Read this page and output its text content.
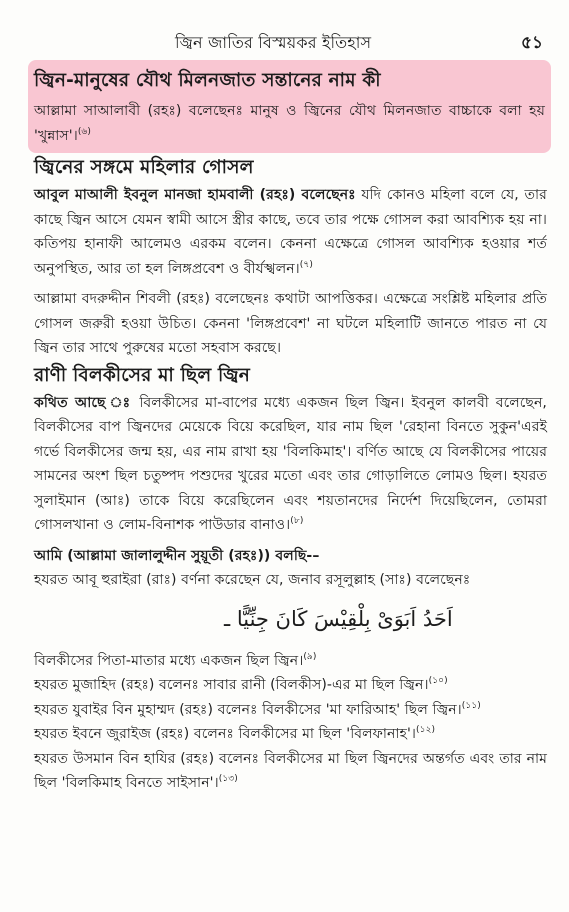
জ্বিন জাতির বিস্ময়কর ইতিহাস	৫১
জ্বিন-মানুষের যৌথ মিলনজাত সন্তানের নাম কী

আল্লামা সাআলাবী (রহঃ) বলেছেনঃ মানুষ ও জ্বিনের যৌথ মিলনজাত বাচ্চাকে বলা হয় 'খুন্নাস'।$^{(৬)}$

জ্বিনের সঙ্গমে মহিলার গোসল

আবুল মাআলী ইবনুল মানজা হামবালী (রহঃ) বলেছেনঃ যদি কোনও মহিলা বলে যে, তার কাছে জ্বিন আসে যেমন স্বামী আসে স্ত্রীর কাছে, তবে তার পক্ষে গোসল করা আবশ্যিক হয় না। কতিপয় হানাফী আলেমও এরকম বলেন। কেননা এক্ষেত্রে গোসল আবশ্যিক হওয়ার শর্ত অনুপস্থিত, আর তা হল লিঙ্গপ্রবেশ ও বীর্যস্খলন।$^{(৭)}$

আল্লামা বদরুদ্দীন শিবলী (রহঃ) বলেছেনঃ কথাটা আপত্তিকর। এক্ষেত্রে সংশ্লিষ্ট মহিলার প্রতি গোসল জরুরী হওয়া উচিত। কেননা 'লিঙ্গপ্রবেশ' না ঘটলে মহিলাটি জানতে পারত না যে জ্বিন তার সাথে পুরুষের মতো সহবাস করছে।

রাণী বিলকীসের মা ছিল জ্বিন

কথিত আছে ঃ বিলকীসের মা-বাপের মধ্যে একজন ছিল জ্বিন। ইবনুল কালবী বলেছেন, বিলকীসের বাপ জ্বিনদের মেয়েকে বিয়ে করেছিল, যার নাম ছিল 'রেহানা বিনতে সুকুন'এরই গর্ভে বিলকীসের জন্ম হয়, এর নাম রাখা হয় 'বিলকিমাহ'। বর্ণিত আছে যে বিলকীসের পায়ের সামনের অংশ ছিল চতুষ্পদ পশুদের খুরের মতো এবং তার গোড়ালিতে লোমও ছিল। হযরত সুলাইমান (আঃ) তাকে বিয়ে করেছিলেন এবং শয়তানদের নির্দেশ দিয়েছিলেন, তোমরা গোসলখানা ও লোম-বিনাশক পাউডার বানাও।$^{(৮)}$

আমি (আল্লামা জালালুদ্দীন সুয়ূতী (রহঃ)) বলছি-–

হযরত আবূ হুরাইরা (রাঃ) বর্ণনা করেছেন যে, জনাব রসূলুল্লাহ (সাঃ) বলেছেনঃ

اَحَدُ اَبَوَىْ بِلْقِيْسَ كَانَ جِنِّيًّا ـ

বিলকীসের পিতা-মাতার মধ্যে একজন ছিল জ্বিন।$^{(৯)}$

হযরত মুজাহিদ (রহঃ) বলেনঃ সাবার রানী (বিলকীস)-এর মা ছিল জ্বিন।$^{(১০)}$

হযরত যুবাইর বিন মুহাম্মদ (রহঃ) বলেনঃ বিলকীসের 'মা ফারিআহ' ছিল জ্বিন।$^{(১১)}$

হযরত ইবনে জুরাইজ (রহঃ) বলেনঃ বিলকীসের মা ছিল 'বিলফানাহ'।$^{(১২)}$

হযরত উসমান বিন হাযির (রহঃ) বলেনঃ বিলকীসের মা ছিল জ্বিনদের অন্তর্গত এবং তার নাম ছিল 'বিলকিমাহ বিনতে সাইসান'।$^{(১৩)}$
